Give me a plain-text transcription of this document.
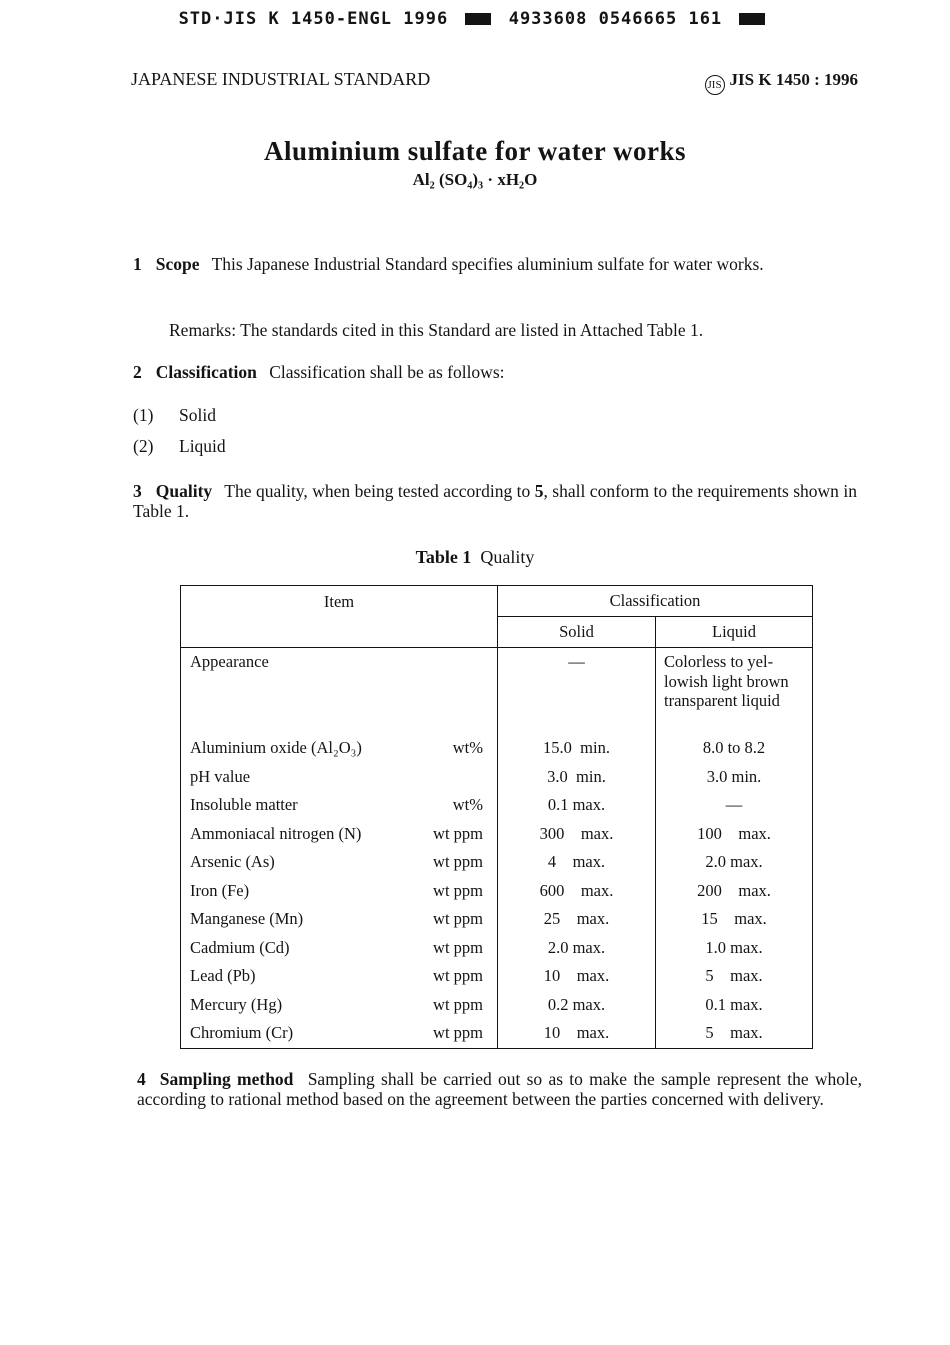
STD·JIS K 1450-ENGL 1996	4933608 0546665 161
JAPANESE INDUSTRIAL STANDARD	JIS JIS K 1450 : 1996
Aluminium sulfate for water works
Al₂ (SO₄)₃ · xH₂O
1 Scope This Japanese Industrial Standard specifies aluminium sulfate for water works.
Remarks: The standards cited in this Standard are listed in Attached Table 1.
2 Classification Classification shall be as follows:
(1) Solid
(2) Liquid
3 Quality The quality, when being tested according to 5, shall conform to the requirements shown in Table 1.
Table 1 Quality
Item		Classification	
		Solid	Liquid
Appearance		—	Colorless to yel- lowish light brown transparent liquid
Aluminium oxide (Al₂O₃)	wt%	15.0  min.	8.0 to 8.2
pH value		3.0  min.	3.0 min.
Insoluble matter	wt%	0.1 max.	—
Ammoniacal nitrogen (N)	wt ppm	300    max.	100    max.
Arsenic (As)	wt ppm	4    max.	2.0 max.
Iron (Fe)	wt ppm	600    max.	200    max.
Manganese (Mn)	wt ppm	25    max.	15    max.
Cadmium (Cd)	wt ppm	2.0 max.	1.0 max.
Lead (Pb)	wt ppm	10    max.	5    max.
Mercury (Hg)	wt ppm	0.2 max.	0.1 max.
Chromium (Cr)	wt ppm	10    max.	5    max.
4 Sampling method Sampling shall be carried out so as to make the sample represent the whole, according to rational method based on the agreement between the parties concerned with delivery.
